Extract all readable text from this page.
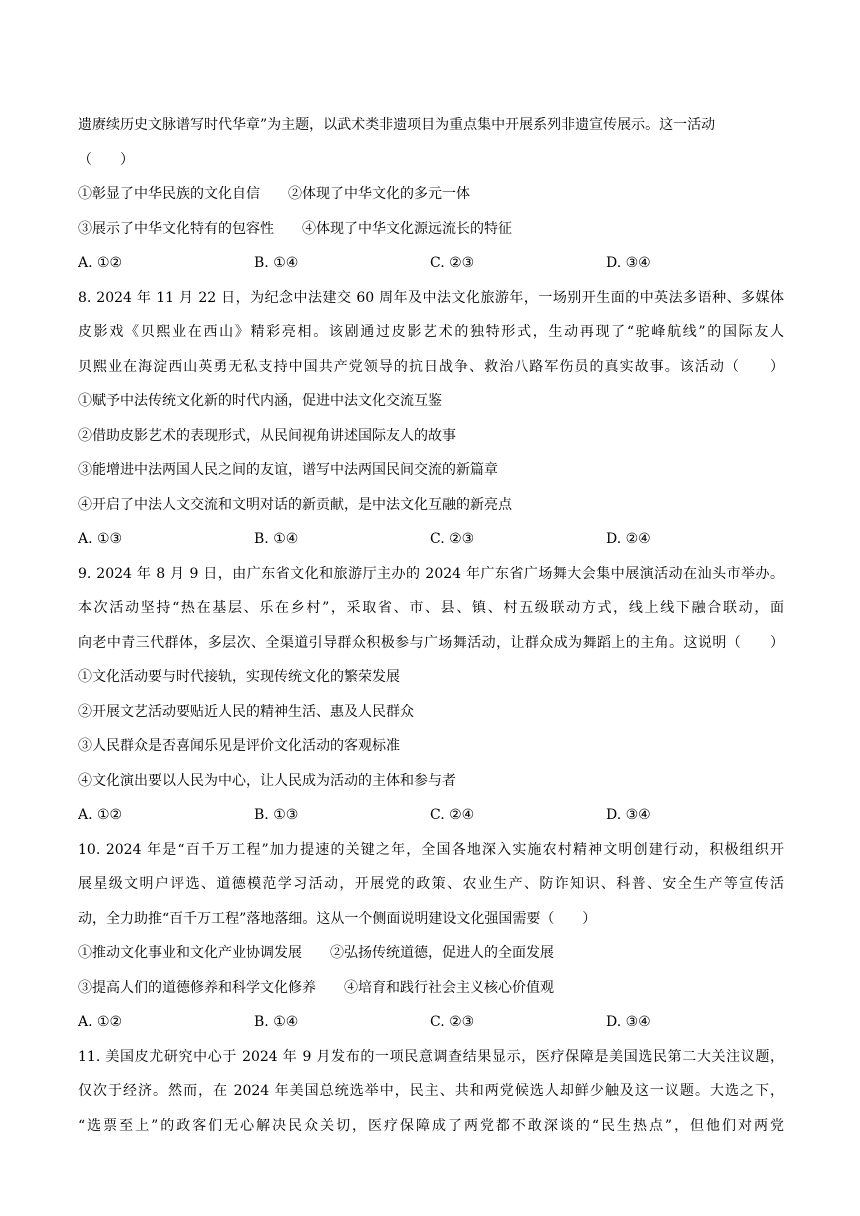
遗赓续历史文脉谱写时代华章”为主题，以武术类非遗项目为重点集中开展系列非遗宣传展示。这一活动
（　　）
①彰显了中华民族的文化自信 ②体现了中华文化的多元一体
③展示了中华文化特有的包容性 ④体现了中华文化源远流长的特征
A. ①②	B. ①④	C. ②③	D. ③④
8. 2024 年 11 月 22 日，为纪念中法建交 60 周年及中法文化旅游年，一场别开生面的中英法多语种、多媒体
皮影戏《贝熙业在西山》精彩亮相。该剧通过皮影艺术的独特形式，生动再现了“驼峰航线”的国际友人
贝熙业在海淀西山英勇无私支持中国共产党领导的抗日战争、救治八路军伤员的真实故事。该活动（　　）
①赋予中法传统文化新的时代内涵，促进中法文化交流互鉴
②借助皮影艺术的表现形式，从民间视角讲述国际友人的故事
③能增进中法两国人民之间的友谊，谱写中法两国民间交流的新篇章
④开启了中法人文交流和文明对话的新贡献，是中法文化互融的新亮点
A. ①③	B. ①④	C. ②③	D. ②④
9. 2024 年 8 月 9 日，由广东省文化和旅游厅主办的 2024 年广东省广场舞大会集中展演活动在汕头市举办。
本次活动坚持“热在基层、乐在乡村”，采取省、市、县、镇、村五级联动方式，线上线下融合联动，面
向老中青三代群体，多层次、全渠道引导群众积极参与广场舞活动，让群众成为舞蹈上的主角。这说明（　　）
①文化活动要与时代接轨，实现传统文化的繁荣发展
②开展文艺活动要贴近人民的精神生活、惠及人民群众
③人民群众是否喜闻乐见是评价文化活动的客观标准
④文化演出要以人民为中心，让人民成为活动的主体和参与者
A. ①②	B. ①③	C. ②④	D. ③④
10. 2024 年是“百千万工程”加力提速的关键之年，全国各地深入实施农村精神文明创建行动，积极组织开
展星级文明户评选、道德模范学习活动，开展党的政策、农业生产、防诈知识、科普、安全生产等宣传活
动，全力助推“百千万工程”落地落细。这从一个侧面说明建设文化强国需要（　　）
①推动文化事业和文化产业协调发展 ②弘扬传统道德，促进人的全面发展
③提高人们的道德修养和科学文化修养 ④培育和践行社会主义核心价值观
A. ①②	B. ①④	C. ②③	D. ③④
11. 美国皮尤研究中心于 2024 年 9 月发布的一项民意调查结果显示，医疗保障是美国选民第二大关注议题，
仅次于经济。然而，在 2024 年美国总统选举中，民主、共和两党候选人却鲜少触及这一议题。大选之下，
“选票至上”的政客们无心解决民众关切，医疗保障成了两党都不敢深谈的“民生热点”，但他们对两党
